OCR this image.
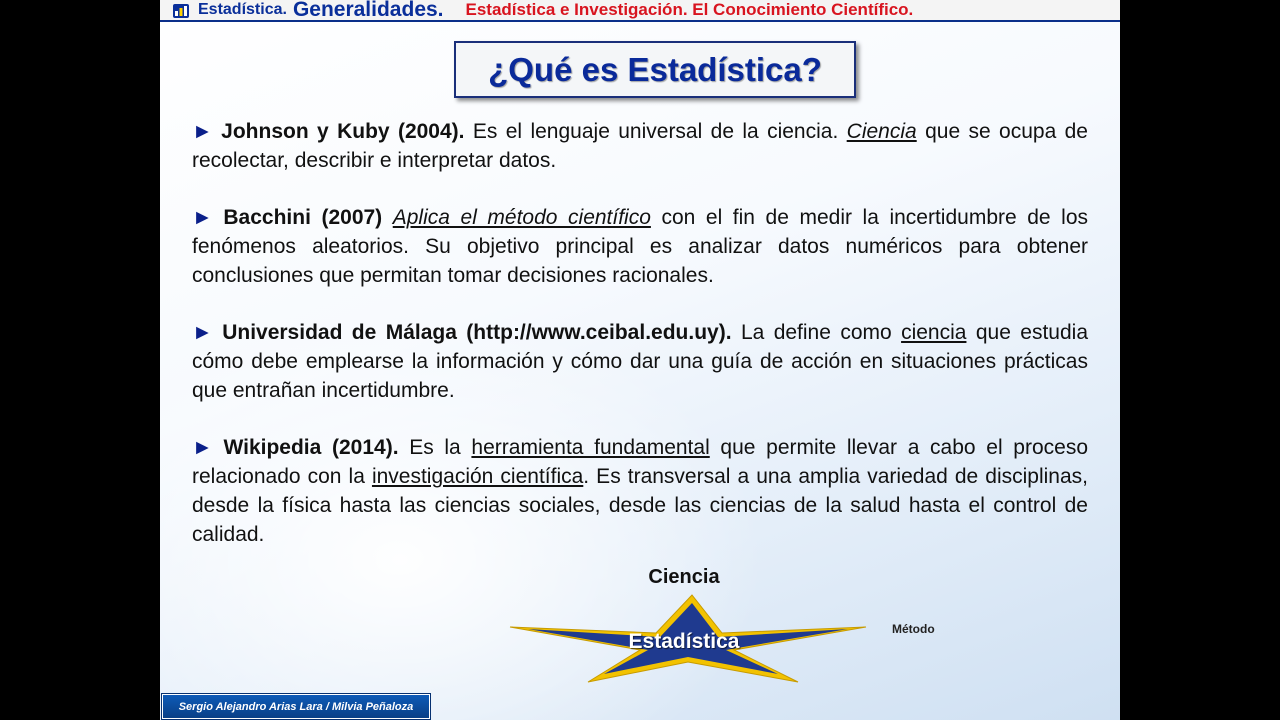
Estadística. Generalidades. Estadística e Investigación. El Conocimiento Científico.
¿Qué es Estadística?

► Johnson y Kuby (2004). Es el lenguaje universal de la ciencia. Ciencia que se ocupa de recolectar, describir e interpretar datos.

► Bacchini (2007) Aplica el método científico con el fin de medir la incertidumbre de los fenómenos aleatorios. Su objetivo principal es analizar datos numéricos para obtener conclusiones que permitan tomar decisiones racionales.

► Universidad de Málaga (http://www.ceibal.edu.uy). La define como ciencia que estudia cómo debe emplearse la información y cómo dar una guía de acción en situaciones prácticas que entrañan incertidumbre.

► Wikipedia (2014). Es la herramienta fundamental que permite llevar a cabo el proceso relacionado con la investigación científica. Es transversal a una amplia variedad de disciplinas, desde la física hasta las ciencias sociales, desde las ciencias de la salud hasta el control de calidad.

Ciencia
Estadística
Método
Sergio Alejandro Arias Lara / Milvia Peñaloza
